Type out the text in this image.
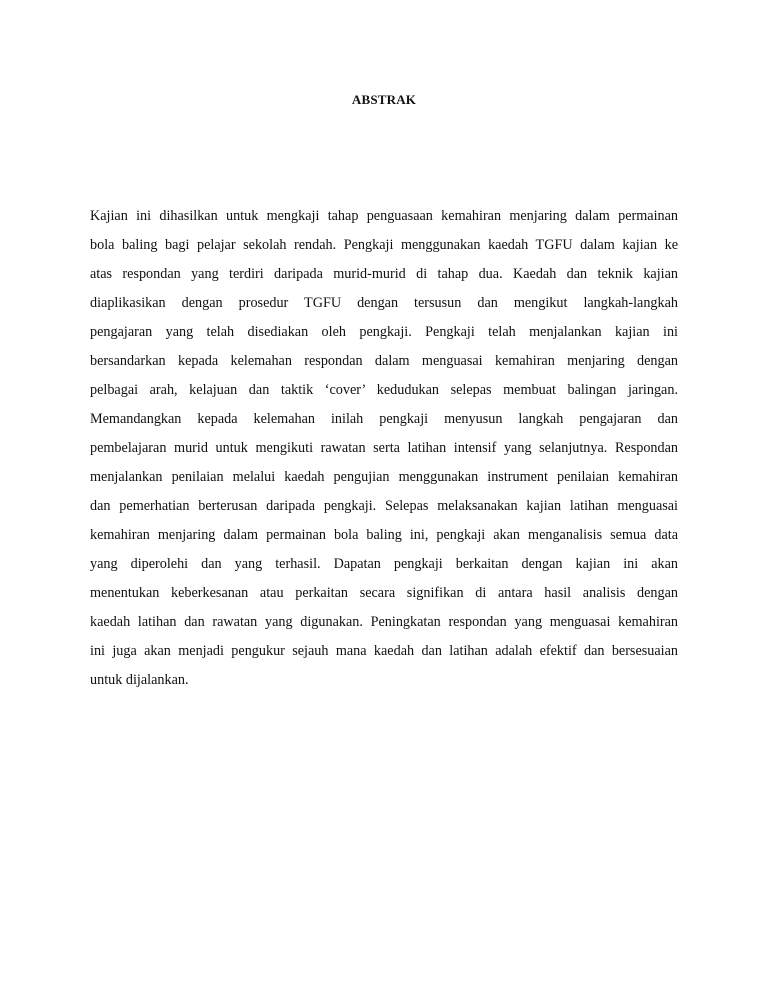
ABSTRAK
Kajian ini dihasilkan untuk mengkaji tahap penguasaan kemahiran menjaring dalam permainan
bola baling bagi pelajar sekolah rendah. Pengkaji menggunakan kaedah TGFU dalam kajian ke
atas respondan yang terdiri daripada murid-murid di tahap dua. Kaedah dan teknik kajian
diaplikasikan dengan prosedur TGFU dengan tersusun dan mengikut langkah-langkah
pengajaran yang telah disediakan oleh pengkaji. Pengkaji telah menjalankan kajian ini
bersandarkan kepada kelemahan respondan dalam menguasai kemahiran menjaring dengan
pelbagai arah, kelajuan dan taktik ‘cover’ kedudukan selepas membuat balingan jaringan.
Memandangkan kepada kelemahan inilah pengkaji menyusun langkah pengajaran dan
pembelajaran murid untuk mengikuti rawatan serta latihan intensif yang selanjutnya. Respondan
menjalankan penilaian melalui kaedah pengujian menggunakan instrument penilaian kemahiran
dan pemerhatian berterusan daripada pengkaji. Selepas melaksanakan kajian latihan menguasai
kemahiran menjaring dalam permainan bola baling ini, pengkaji akan menganalisis semua data
yang diperolehi dan yang terhasil. Dapatan pengkaji berkaitan dengan kajian ini akan
menentukan keberkesanan atau perkaitan secara signifikan di antara hasil analisis dengan
kaedah latihan dan rawatan yang digunakan. Peningkatan respondan yang menguasai kemahiran
ini juga akan menjadi pengukur sejauh mana kaedah dan latihan adalah efektif dan bersesuaian
untuk dijalankan.
